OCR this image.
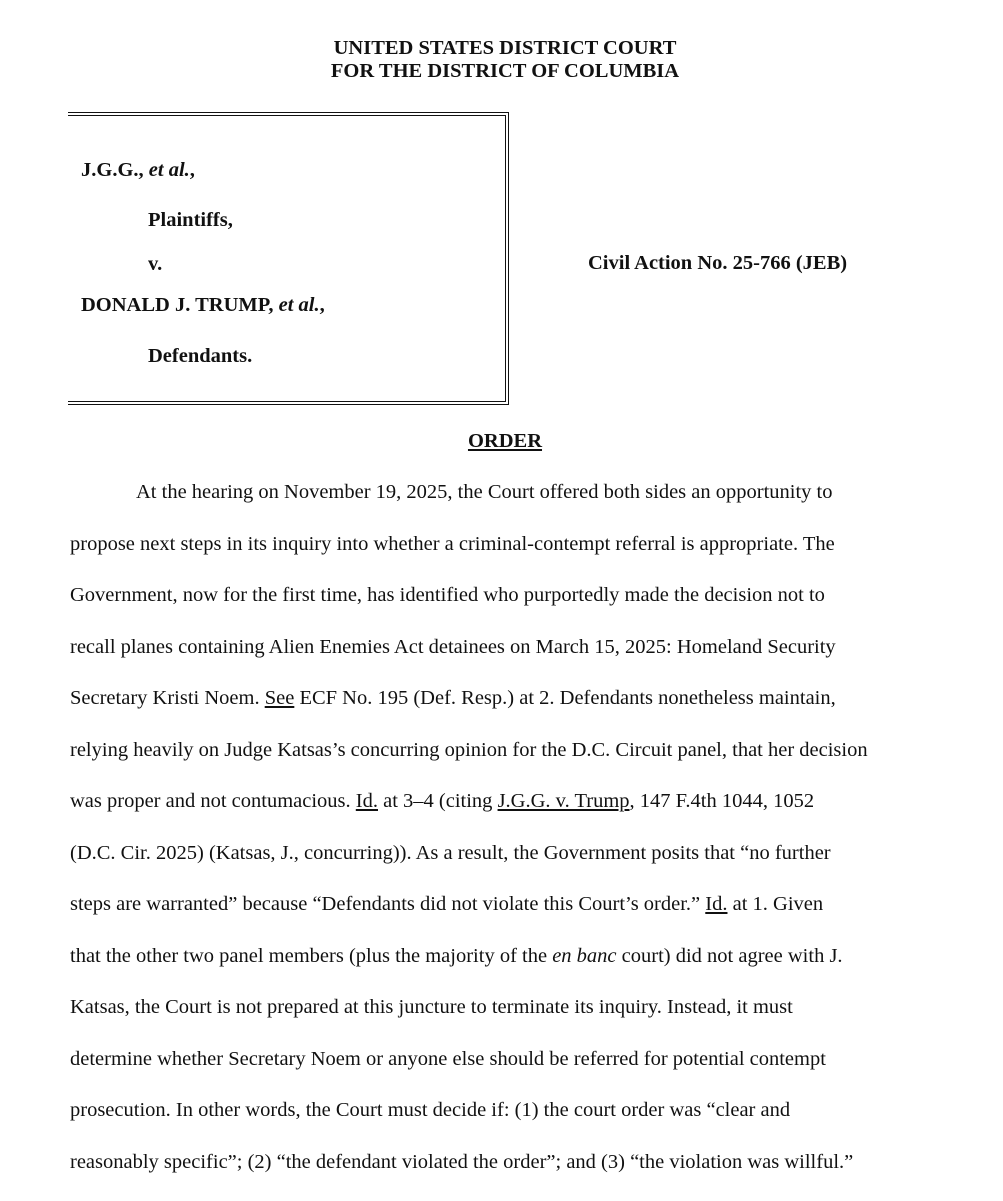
UNITED STATES DISTRICT COURT
FOR THE DISTRICT OF COLUMBIA
J.G.G., et al.,
Plaintiffs,
v.
DONALD J. TRUMP, et al.,
Defendants.
Civil Action No. 25-766 (JEB)
ORDER
At the hearing on November 19, 2025, the Court offered both sides an opportunity to
propose next steps in its inquiry into whether a criminal-contempt referral is appropriate. The
Government, now for the first time, has identified who purportedly made the decision not to
recall planes containing Alien Enemies Act detainees on March 15, 2025: Homeland Security
Secretary Kristi Noem. See ECF No. 195 (Def. Resp.) at 2. Defendants nonetheless maintain,
relying heavily on Judge Katsas’s concurring opinion for the D.C. Circuit panel, that her decision
was proper and not contumacious. Id. at 3–4 (citing J.G.G. v. Trump, 147 F.4th 1044, 1052
(D.C. Cir. 2025) (Katsas, J., concurring)). As a result, the Government posits that “no further
steps are warranted” because “Defendants did not violate this Court’s order.” Id. at 1. Given
that the other two panel members (plus the majority of the en banc court) did not agree with J.
Katsas, the Court is not prepared at this juncture to terminate its inquiry. Instead, it must
determine whether Secretary Noem or anyone else should be referred for potential contempt
prosecution. In other words, the Court must decide if: (1) the court order was “clear and
reasonably specific”; (2) “the defendant violated the order”; and (3) “the violation was willful.”
